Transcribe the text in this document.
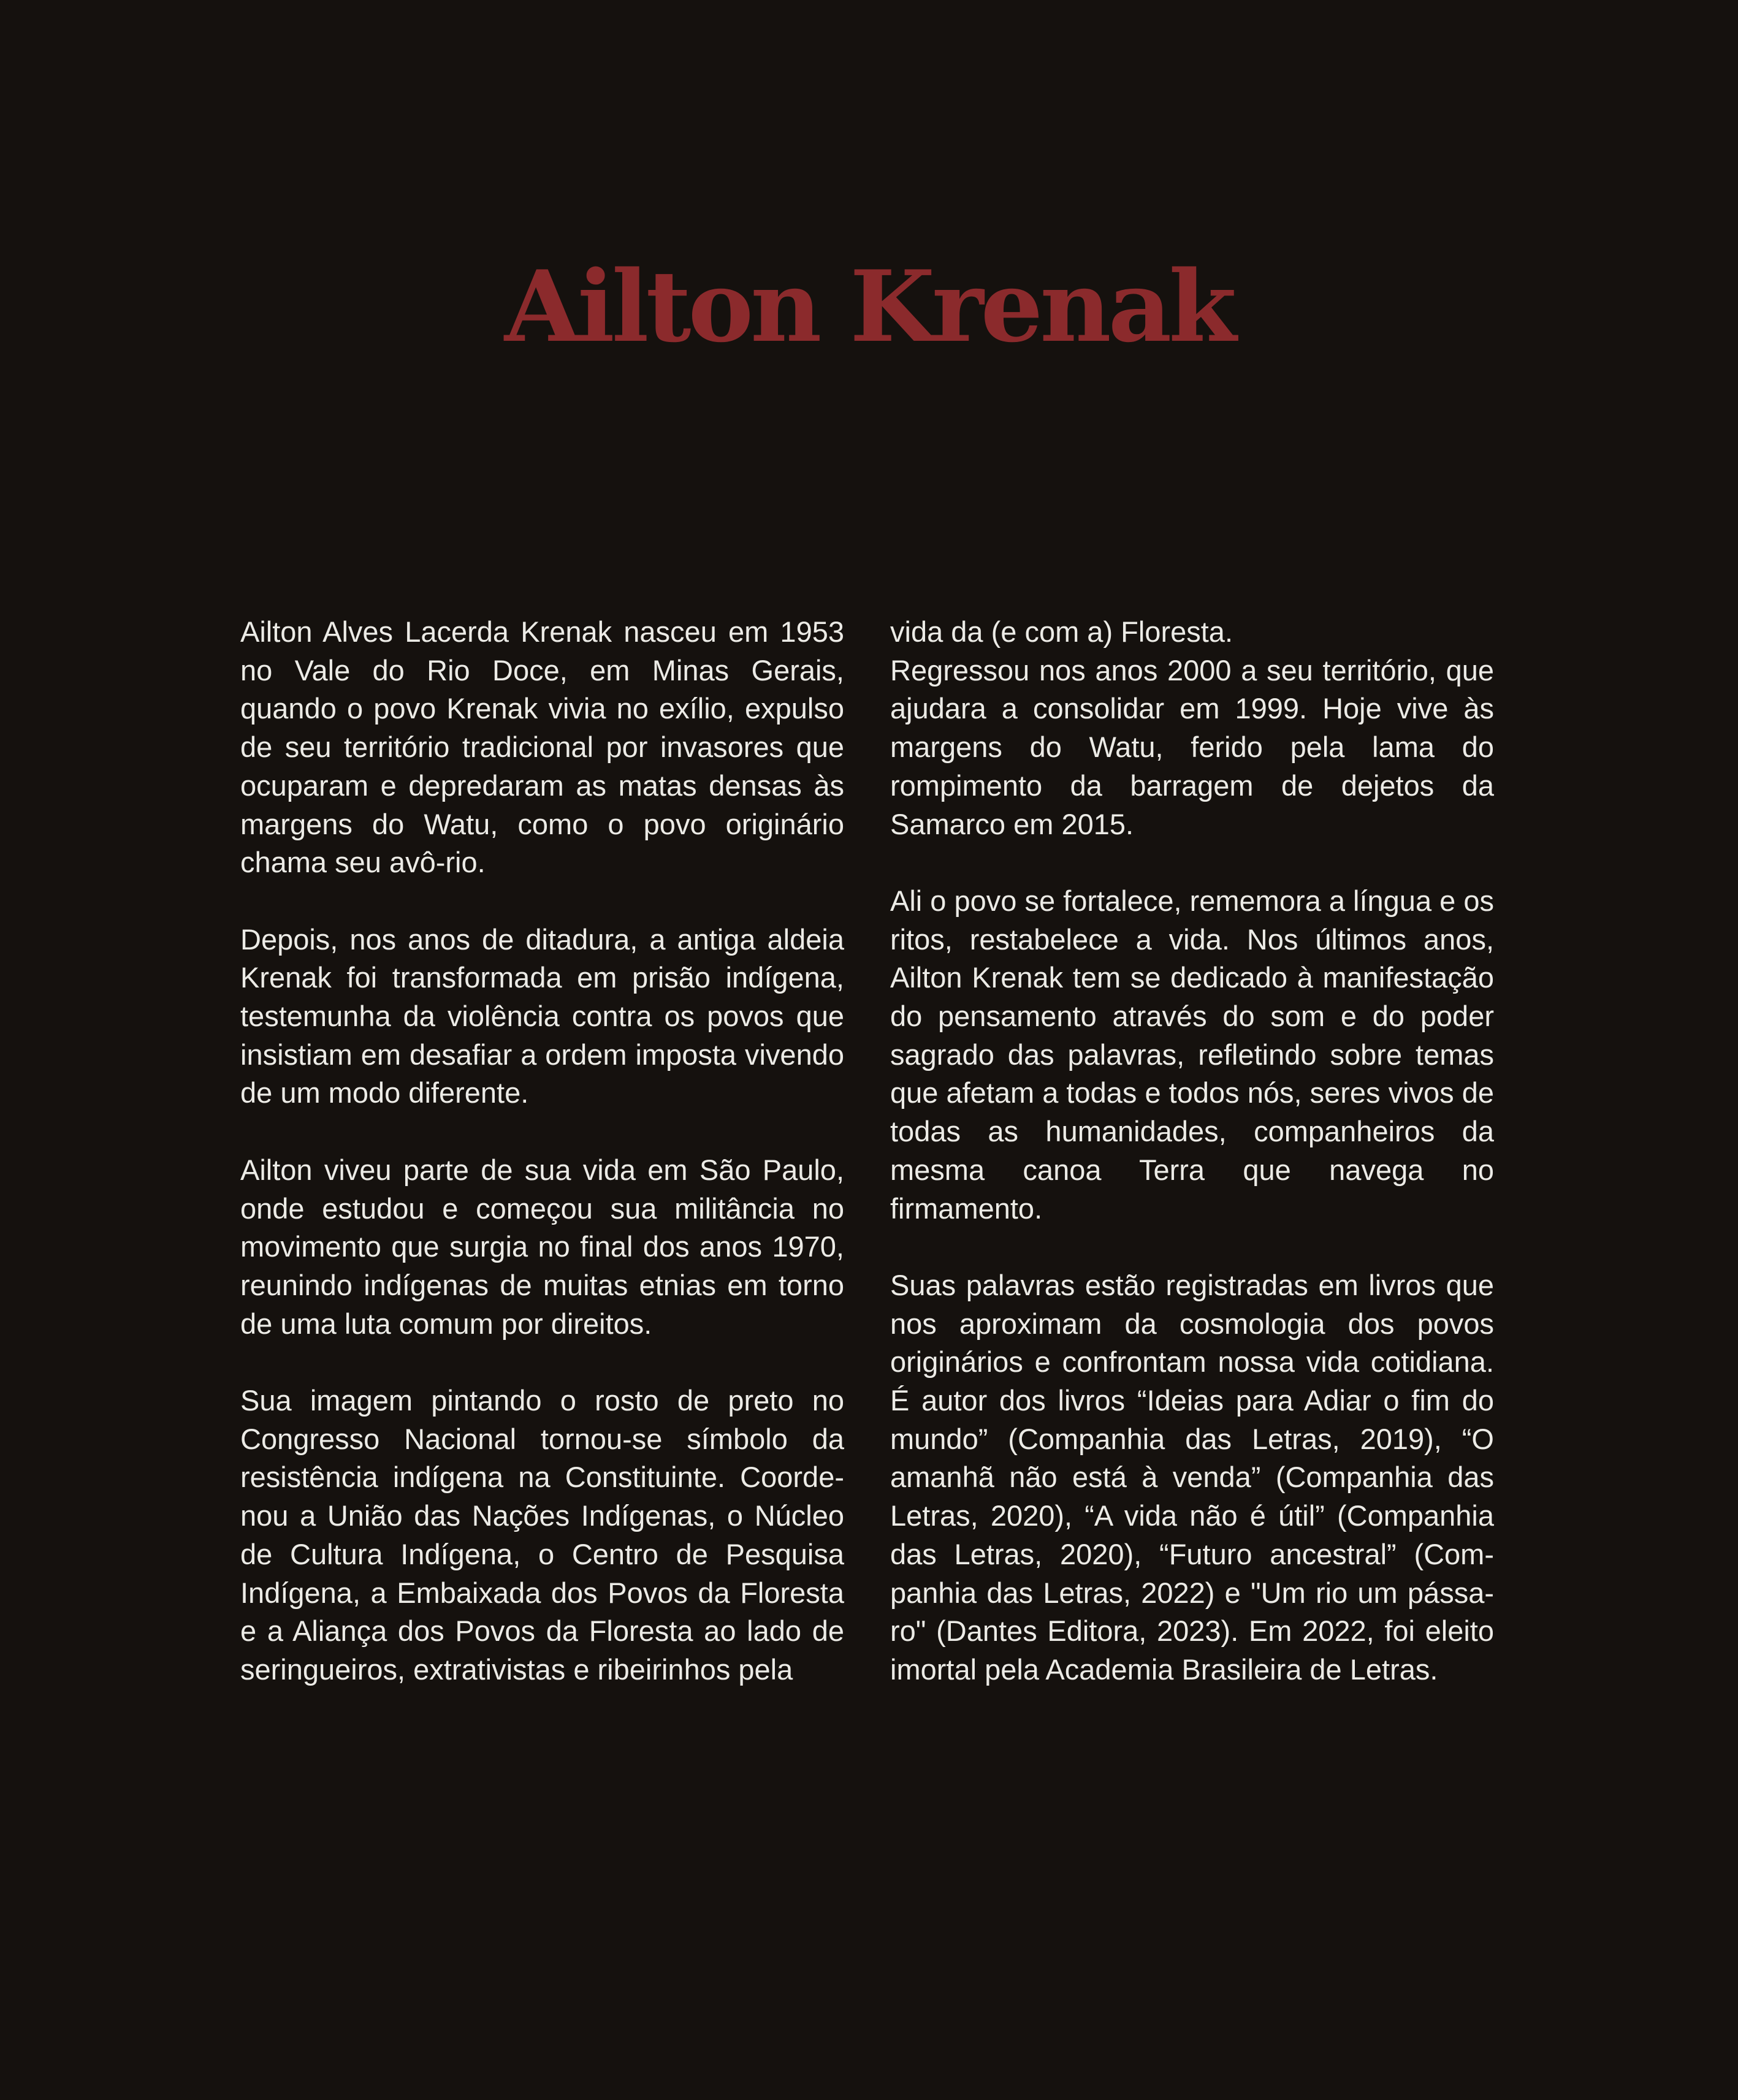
Ailton Krenak

Ailton Alves Lacerda Krenak nasceu em 1953 no Vale do Rio Doce, em Minas Gerais, quando o povo Krenak vivia no exílio, expulso de seu território tradicional por invasores que ocuparam e depredaram as matas densas às margens do Watu, como o povo originário chama seu avô-rio.

Depois, nos anos de ditadura, a antiga aldeia Krenak foi transformada em prisão indígena, testemunha da violência contra os povos que insistiam em desafiar a ordem imposta vivendo de um modo diferente.

Ailton viveu parte de sua vida em São Paulo, onde estudou e começou sua militância no movimento que surgia no final dos anos 1970, reunindo indígenas de muitas etnias em torno de uma luta comum por direitos.

Sua imagem pintando o rosto de preto no Congresso Nacional tornou-se símbolo da resistência indígena na Constituinte. Coordenou a União das Nações Indígenas, o Núcleo de Cultura Indígena, o Centro de Pesquisa Indígena, a Embaixada dos Povos da Floresta e a Aliança dos Povos da Floresta ao lado de seringueiros, extrativistas e ribeirinhos pela

vida da (e com a) Floresta.

Regressou nos anos 2000 a seu território, que ajudara a consolidar em 1999. Hoje vive às margens do Watu, ferido pela lama do rompimento da barragem de dejetos da Samarco em 2015.

Ali o povo se fortalece, rememora a língua e os ritos, restabelece a vida. Nos últimos anos, Ailton Krenak tem se dedicado à manifestação do pensamento através do som e do poder sagrado das palavras, refletindo sobre temas que afetam a todas e todos nós, seres vivos de todas as humanidades, companheiros da mesma canoa Terra que navega no firmamento.

Suas palavras estão registradas em livros que nos aproximam da cosmologia dos povos originários e confrontam nossa vida cotidiana. É autor dos livros “Ideias para Adiar o fim do mundo” (Companhia das Letras, 2019), “O amanhã não está à venda” (Companhia das Letras, 2020), “A vida não é útil” (Companhia das Letras, 2020), “Futuro ancestral” (Companhia das Letras, 2022) e "Um rio um pássaro" (Dantes Editora, 2023). Em 2022, foi eleito imortal pela Academia Brasileira de Letras.
